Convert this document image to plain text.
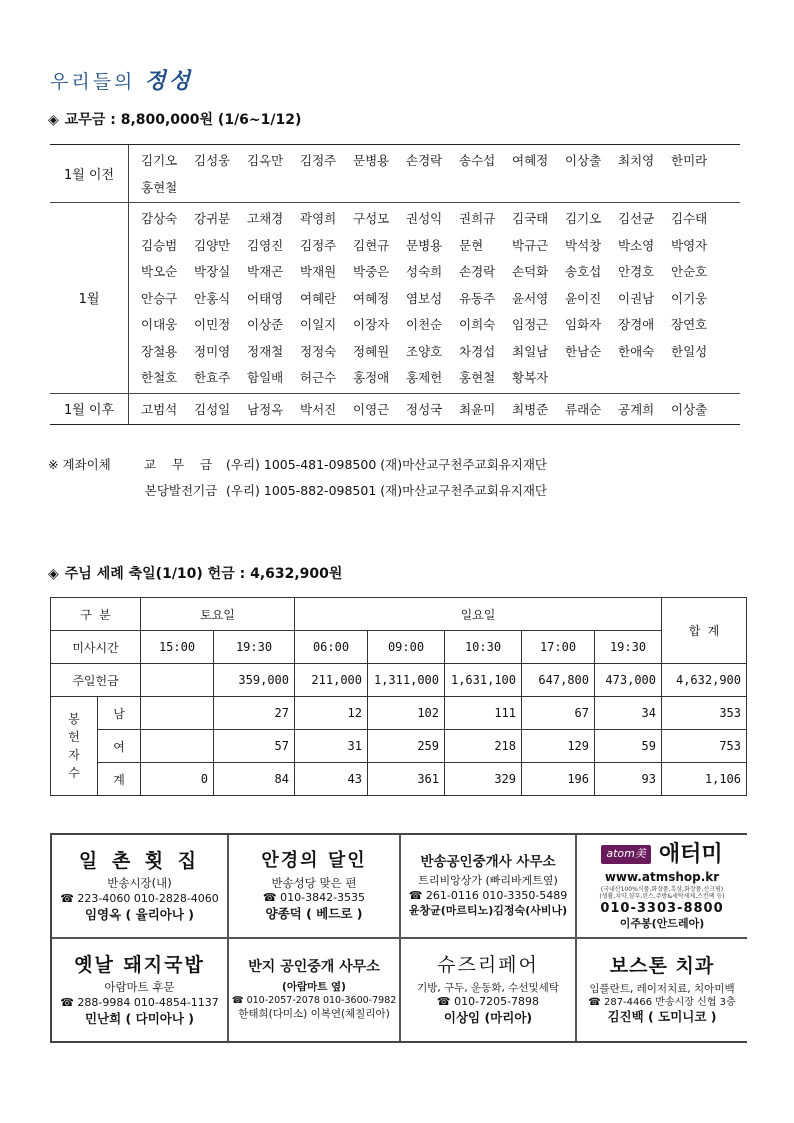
우리들의 정성
◈ 교무금 : 8,800,000원 (1/6~1/12)
1월 이전
김기오	김성웅	김옥만	김정주	문병용	손경락	송수섭	여혜정	이상출	최치영	한미라
홍현철
1월
감상숙	강귀분	고채경	곽영희	구성모	권성익	권희규	김국태	김기오	김선균	김수태
김승범	김양만	김영진	김정주	김현규	문병용	문현	박규근	박석창	박소영	박영자
박오순	박장실	박재곤	박재원	박중은	성숙희	손경락	손덕화	송호섭	안경호	안순호
안승구	안홍식	어태영	여혜란	여혜정	염보성	유동주	윤서영	윤이진	이권남	이기웅
이대웅	이민정	이상준	이일지	이장자	이천순	이희숙	임정근	임화자	장경애	장연호
장철용	정미영	정재철	정정숙	정혜원	조양호	차경섭	최일남	한남순	한애숙	한일성
한철호	한효주	함일배	허근수	홍정애	홍제헌	홍현철	황복자
1월 이후	고범석	김성일	남정옥	박서진	이영근	정성국	최윤미	최병준	류래순	공계희	이상출
※ 계좌이체	교 무 금 (우리) 1005-481-098500 (재)마산교구천주교회유지재단
본당발전기금 (우리) 1005-882-098501 (재)마산교구천주교회유지재단
◈ 주님 세례 축일(1/10) 헌금 : 4,632,900원
구 분		토요일		일요일					합 계
미사시간		15:00	19:30	06:00	09:00	10:30	17:00	19:30	
주일헌금			359,000	211,000	1,311,000	1,631,100	647,800	473,000	4,632,900
봉
헌
자
수	남		27	12	102	111	67	34	353
	여		57	31	259	218	129	59	753
	계	0	84	43	361	329	196	93	1,106
일 촌 횟 집
반송시장(내)
☎ 223-4060 010-2828-4060
임영옥 ( 율리아나 )
안경의 달인
반송성당 맞은 편
☎ 010-3842-3535
양종덕 ( 베드로 )
반송공인중개사 사무소
트리비앙상가 (빠리바게트옆)
☎ 261-0116 010-3350-5489
윤창균(마르티노)김정숙(사비나)
atom美 애터미
www.atmshop.kr
(국내산100%식품,화장품,흑삼,화장품,선크림)
(생활,치약,샴푸,린스,주방&세탁세제,스킨팩 등)
010-3303-8800
이주봉(안드레아)
옛날 돼지국밥
아람마트 후문
☎ 288-9984 010-4854-1137
민난희 ( 다미아나 )
반지 공인중개 사무소
(아람마트 옆)
☎ 010-2057-2078 010-3600-7982
한태희(다미소) 이복연(체칠리아)
슈즈리페어
기방, 구두, 운동화, 수선및세탁
☎ 010-7205-7898
이상임 (마리아)
보스톤 치과
임플란트, 레이저치료, 치아미백
☎ 287-4466 반송시장 신협 3층
김진백 ( 도미니코 )
